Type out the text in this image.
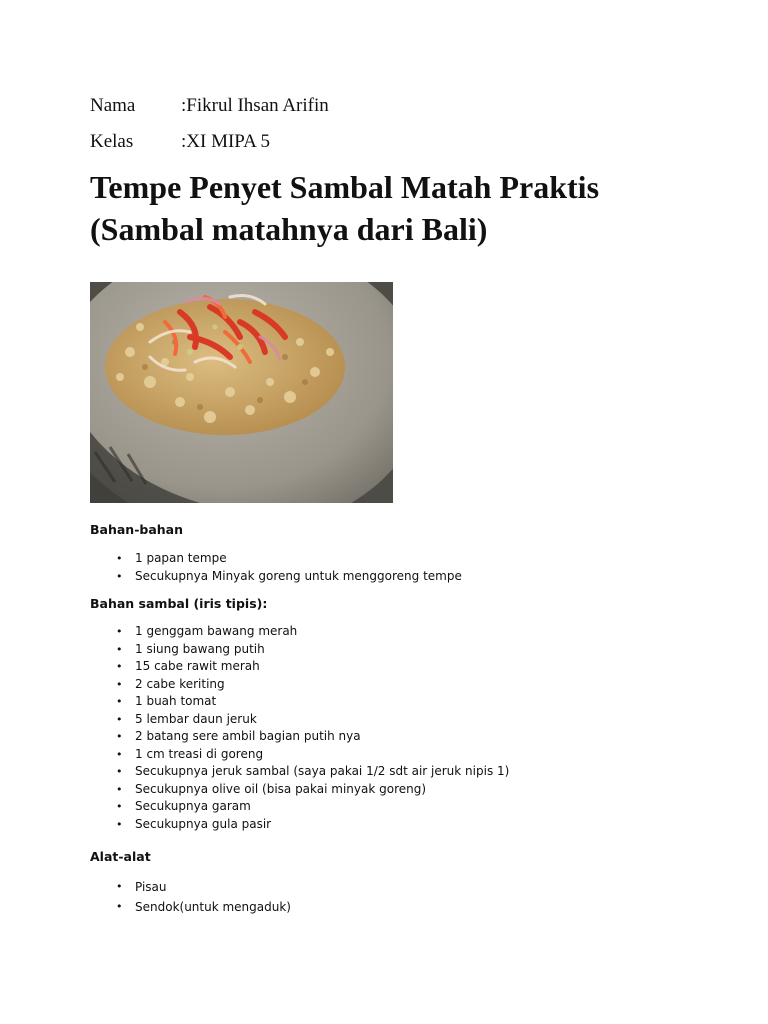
Nama :Fikrul Ihsan Arifin
Kelas	:XI MIPA 5
Tempe Penyet Sambal Matah Praktis
(Sambal matahnya dari Bali)
Bahan-bahan
• 1 papan tempe
• Secukupnya Minyak goreng untuk menggoreng tempe
Bahan sambal (iris tipis):
• 1 genggam bawang merah
• 1 siung bawang putih
• 15 cabe rawit merah
• 2 cabe keriting
• 1 buah tomat
• 5 lembar daun jeruk
• 2 batang sere ambil bagian putih nya
• 1 cm treasi di goreng
• Secukupnya jeruk sambal (saya pakai 1/2 sdt air jeruk nipis 1)
• Secukupnya olive oil (bisa pakai minyak goreng)
• Secukupnya garam
• Secukupnya gula pasir
Alat-alat
• Pisau
• Sendok(untuk mengaduk)
